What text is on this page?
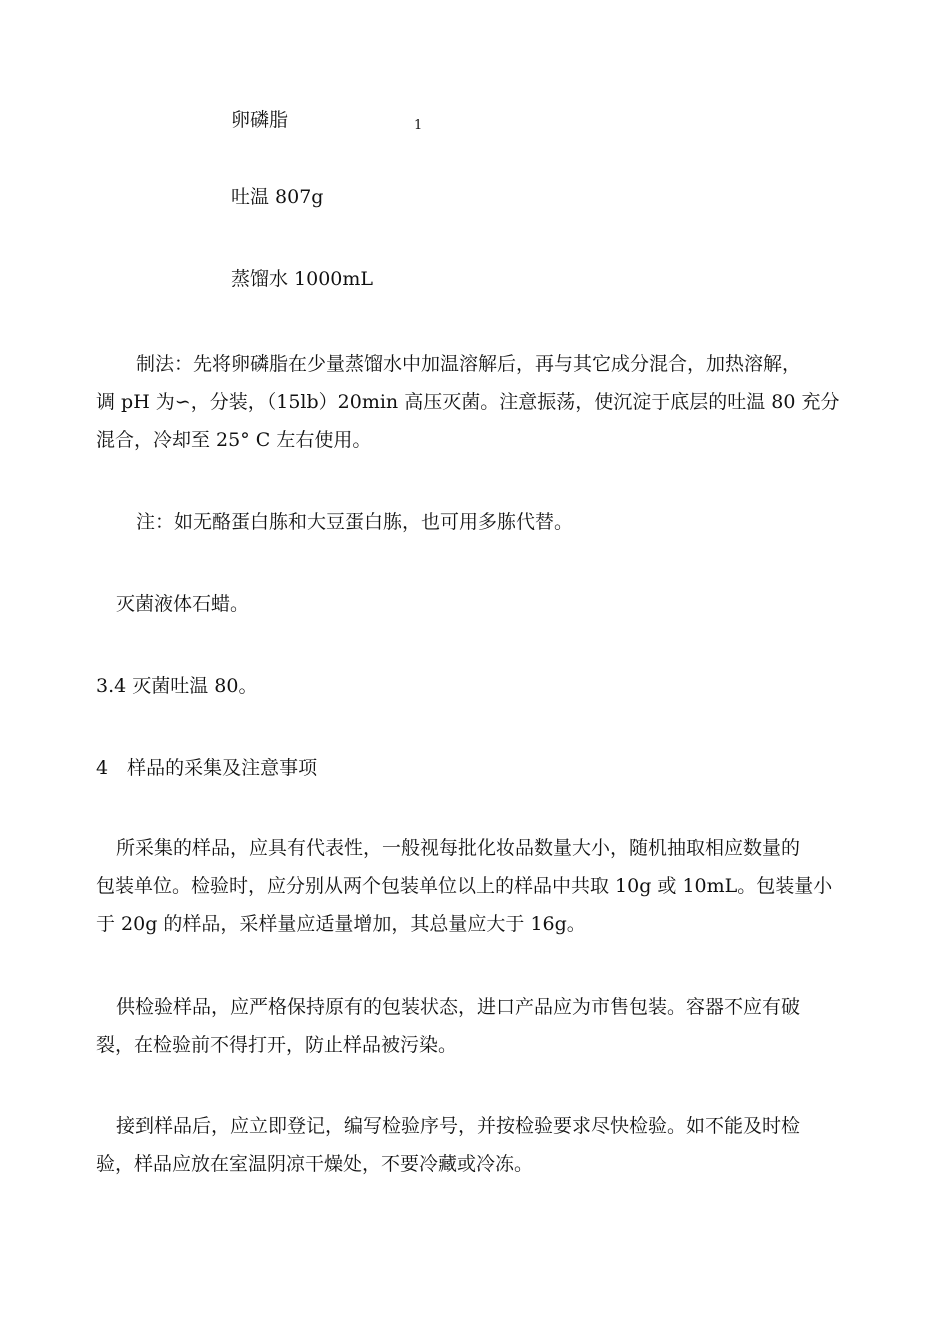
卵磷脂	1
吐温 807g
蒸馏水 1000mL

制法：先将卵磷脂在少量蒸馏水中加温溶解后，再与其它成分混合，加热溶解，

调 pH 为∽，分装，（15lb）20min 高压灭菌。注意振荡，使沉淀于底层的吐温 80 充分

混合，冷却至 25° C 左右使用。

注：如无酪蛋白胨和大豆蛋白胨，也可用多胨代替。
灭菌液体石蜡。
3.4 灭菌吐温 80。
4　样品的采集及注意事项

所采集的样品，应具有代表性，一般视每批化妆品数量大小，随机抽取相应数量的

包装单位。检验时，应分别从两个包装单位以上的样品中共取 10g 或 10mL。包装量小

于 20g 的样品，采样量应适量增加，其总量应大于 16g。

供检验样品，应严格保持原有的包装状态，进口产品应为市售包装。容器不应有破

裂，在检验前不得打开，防止样品被污染。

接到样品后，应立即登记，编写检验序号，并按检验要求尽快检验。如不能及时检

验，样品应放在室温阴凉干燥处，不要冷藏或冷冻。
